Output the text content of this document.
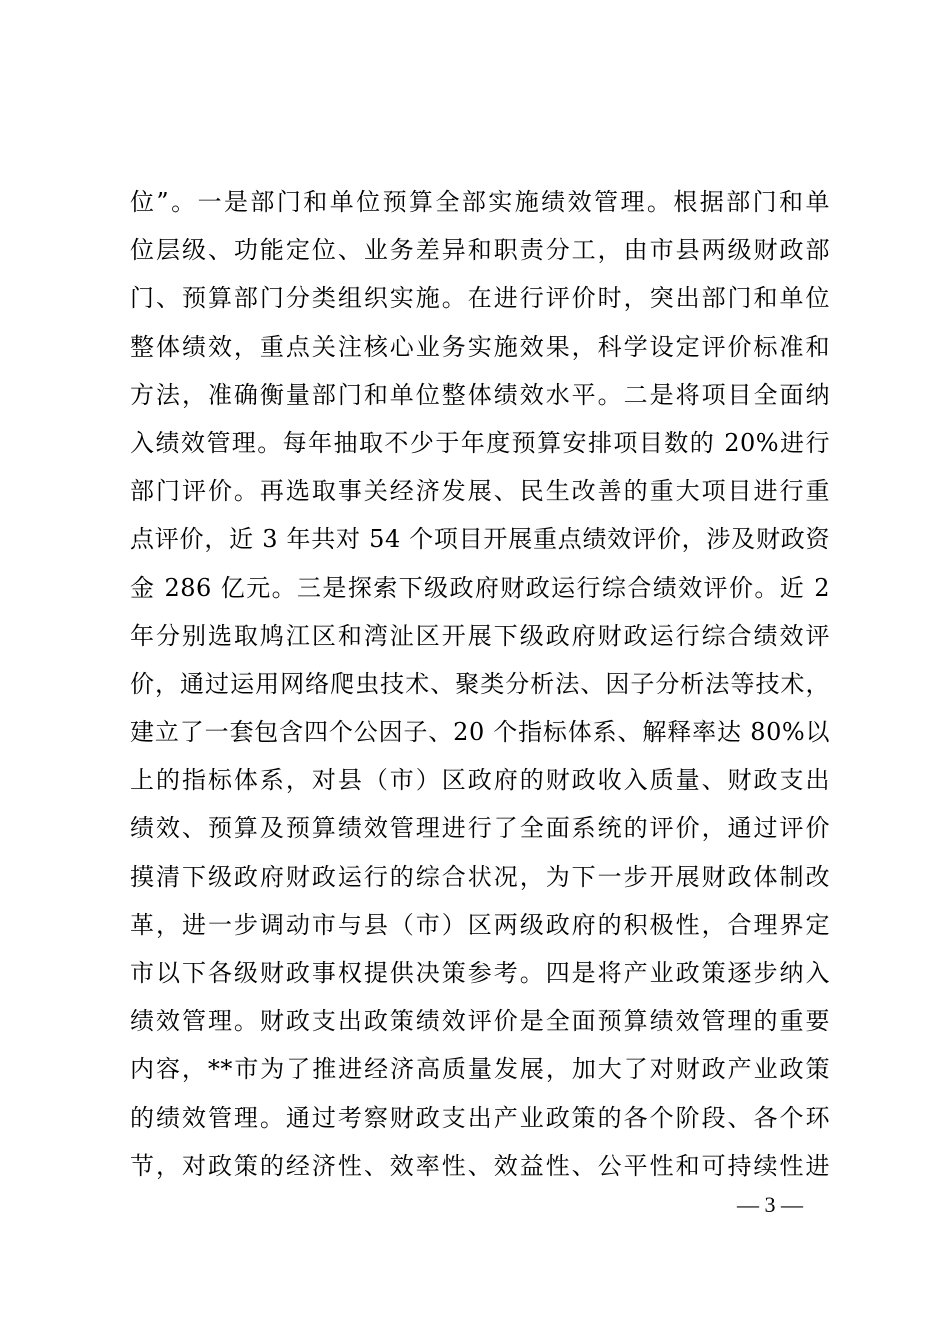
位”。一是部门和单位预算全部实施绩效管理。根据部门和单
位层级、功能定位、业务差异和职责分工，由市县两级财政部
门、预算部门分类组织实施。在进行评价时，突出部门和单位
整体绩效，重点关注核心业务实施效果，科学设定评价标准和
方法，准确衡量部门和单位整体绩效水平。二是将项目全面纳
入绩效管理。每年抽取不少于年度预算安排项目数的 20%进行
部门评价。再选取事关经济发展、民生改善的重大项目进行重
点评价，近 3 年共对 54 个项目开展重点绩效评价，涉及财政资
金 286 亿元。三是探索下级政府财政运行综合绩效评价。近 2
年分别选取鸠江区和湾沚区开展下级政府财政运行综合绩效评
价，通过运用网络爬虫技术、聚类分析法、因子分析法等技术，
建立了一套包含四个公因子、20 个指标体系、解释率达 80%以
上的指标体系，对县（市）区政府的财政收入质量、财政支出
绩效、预算及预算绩效管理进行了全面系统的评价，通过评价
摸清下级政府财政运行的综合状况，为下一步开展财政体制改
革，进一步调动市与县（市）区两级政府的积极性，合理界定
市以下各级财政事权提供决策参考。四是将产业政策逐步纳入
绩效管理。财政支出政策绩效评价是全面预算绩效管理的重要
内容，**市为了推进经济高质量发展，加大了对财政产业政策
的绩效管理。通过考察财政支出产业政策的各个阶段、各个环
节，对政策的经济性、效率性、效益性、公平性和可持续性进
— 3 —
